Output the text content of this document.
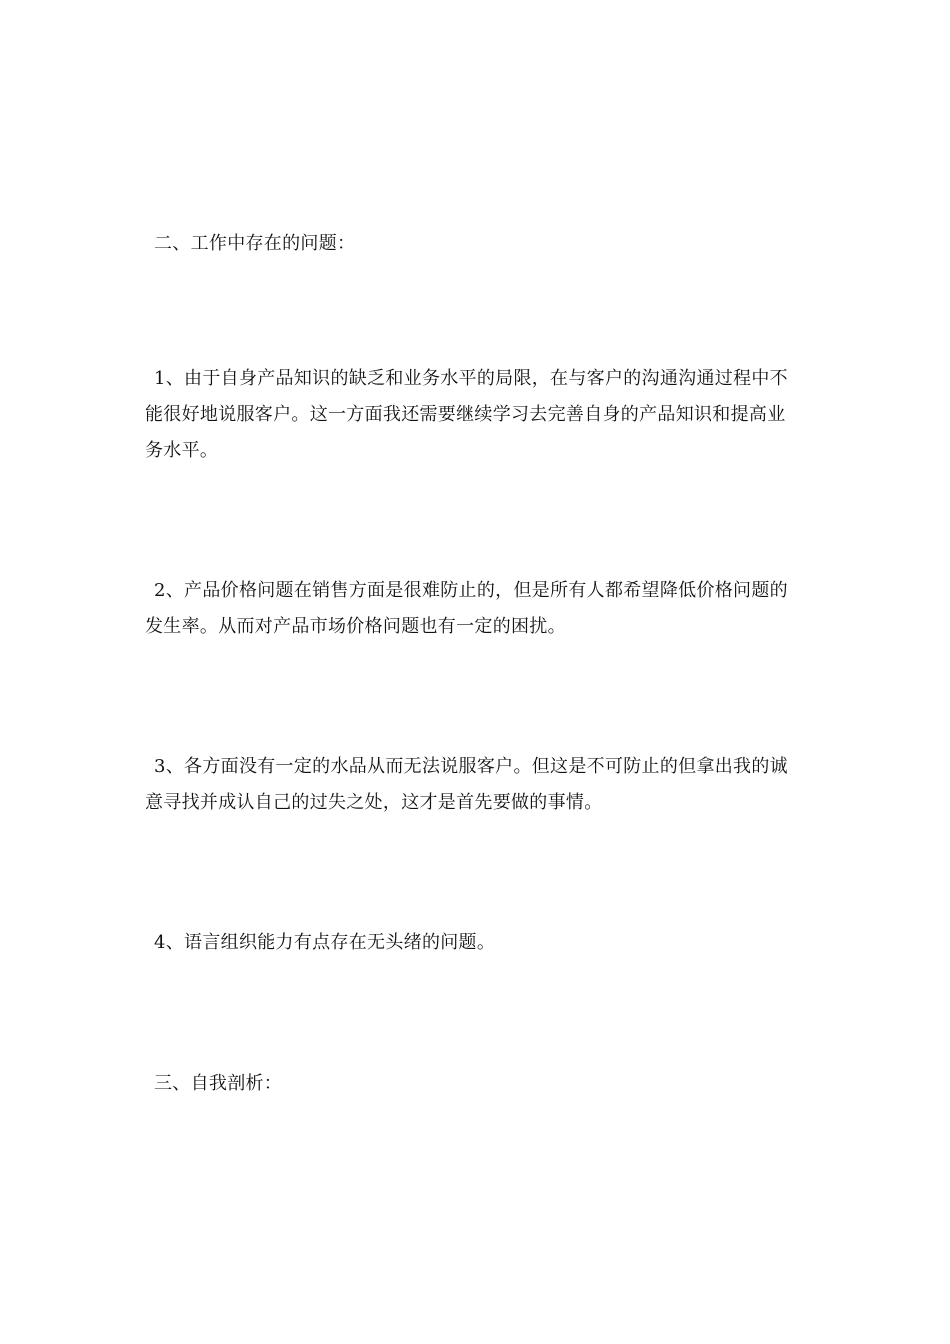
二、工作中存在的问题：

1、由于自身产品知识的缺乏和业务水平的局限，在与客户的沟通沟通过程中不能很好地说服客户。这一方面我还需要继续学习去完善自身的产品知识和提高业务水平。

2、产品价格问题在销售方面是很难防止的，但是所有人都希望降低价格问题的发生率。从而对产品市场价格问题也有一定的困扰。

3、各方面没有一定的水品从而无法说服客户。但这是不可防止的但拿出我的诚意寻找并成认自己的过失之处，这才是首先要做的事情。

4、语言组织能力有点存在无头绪的问题。

三、自我剖析：
